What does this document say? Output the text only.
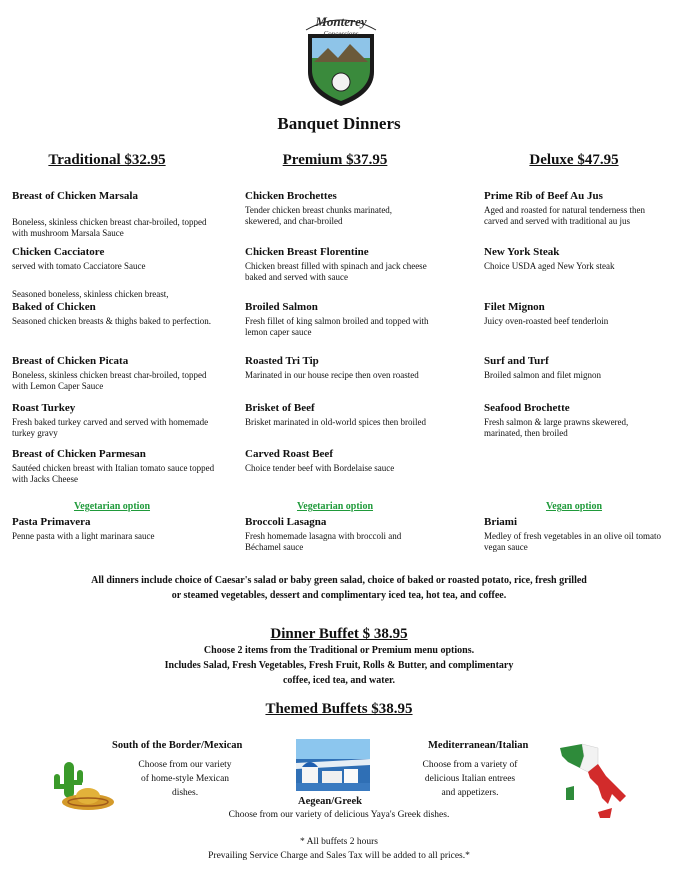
Monterey
Concessions
Banquet Dinners
Traditional $32.95
Breast of Chicken Marsala
Boneless, skinless chicken breast char-broiled, topped with mushroom Marsala Sauce
Chicken Cacciatore
served with tomato Cacciatore Sauce
Seasoned boneless, skinless chicken breast,
Baked of Chicken
Seasoned chicken breasts & thighs baked to perfection.
Breast of Chicken Picata
Boneless, skinless chicken breast char-broiled, topped with Lemon Caper Sauce
Roast Turkey
Fresh baked turkey carved and served with homemade turkey gravy
Breast of Chicken Parmesan
Sautéed chicken breast with Italian tomato sauce topped with Jacks Cheese
Vegetarian option
Pasta Primavera
Penne pasta with a light marinara sauce
Premium $37.95
Chicken Brochettes
Tender chicken breast chunks marinated, skewered, and char-broiled
Chicken Breast Florentine
Chicken breast filled with spinach and jack cheese baked and served with sauce
Broiled Salmon
Fresh fillet of king salmon broiled and topped with lemon caper sauce
Roasted Tri Tip
Marinated in our house recipe then oven roasted
Brisket of Beef
Brisket marinated in old-world spices then broiled
Carved Roast Beef
Choice tender beef with Bordelaise sauce
Vegetarian option
Broccoli Lasagna
Fresh homemade lasagna with broccoli and Béchamel sauce
Deluxe $47.95
Prime Rib of Beef Au Jus
Aged and roasted for natural tenderness then carved and served with traditional au jus
New York Steak
Choice USDA aged New York steak
Filet Mignon
Juicy oven-roasted beef tenderloin
Surf and Turf
Broiled salmon and filet mignon
Seafood Brochette
Fresh salmon & large prawns skewered, marinated, then broiled
Vegan option
Briami
Medley of fresh vegetables in an olive oil tomato vegan sauce
All dinners include choice of Caesar's salad or baby green salad, choice of baked or roasted potato, rice, fresh grilled
or steamed vegetables, dessert and complimentary iced tea, hot tea, and coffee.
Dinner Buffet $ 38.95
Choose 2 items from the Traditional or Premium menu options.
Includes Salad, Fresh Vegetables, Fresh Fruit, Rolls & Butter, and complimentary
coffee, iced tea, and water.
Themed Buffets $38.95
South of the Border/Mexican
Choose from our variety
of home-style Mexican
dishes.
Aegean/Greek
Choose from our variety of delicious Yaya's Greek dishes.
Mediterranean/Italian
Choose from a variety of
delicious Italian entrees
and appetizers.
* All buffets 2 hours
Prevailing Service Charge and Sales Tax will be added to all prices.*
